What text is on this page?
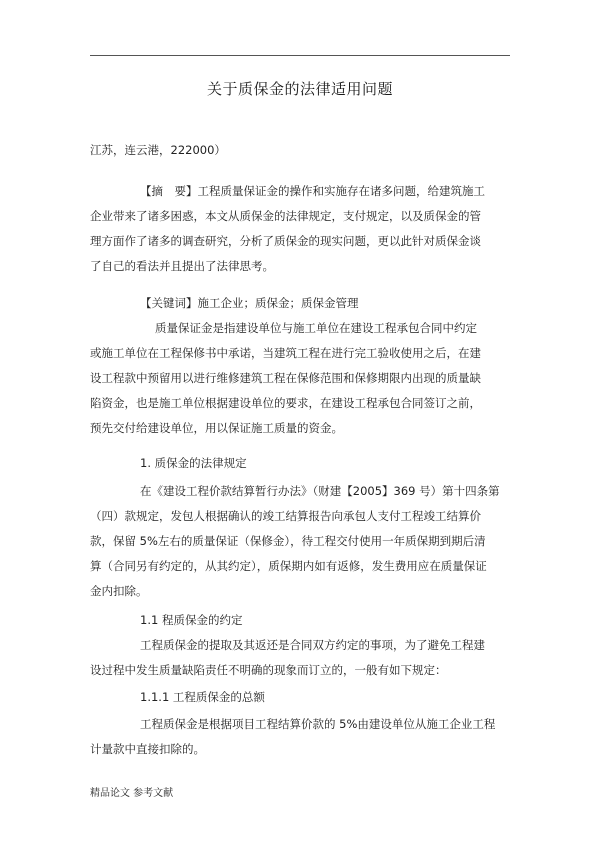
关于质保金的法律适用问题
江苏，连云港，222000）
【摘　要】工程质量保证金的操作和实施存在诸多问题，给建筑施工
企业带来了诸多困惑，本文从质保金的法律规定，支付规定，以及质保金的管
理方面作了诸多的调查研究，分析了质保金的现实问题，更以此针对质保金谈
了自己的看法并且提出了法律思考。
【关键词】施工企业；质保金；质保金管理
质量保证金是指建设单位与施工单位在建设工程承包合同中约定
或施工单位在工程保修书中承诺，当建筑工程在进行完工验收使用之后，在建
设工程款中预留用以进行维修建筑工程在保修范围和保修期限内出现的质量缺
陷资金，也是施工单位根据建设单位的要求，在建设工程承包合同签订之前，
预先交付给建设单位，用以保证施工质量的资金。
1. 质保金的法律规定
在《建设工程价款结算暂行办法》（财建【2005】369 号）第十四条第
（四）款规定，发包人根据确认的竣工结算报告向承包人支付工程竣工结算价
款，保留 5%左右的质量保证（保修金），待工程交付使用一年质保期到期后清
算（合同另有约定的，从其约定），质保期内如有返修，发生费用应在质量保证
金内扣除。
1.1 程质保金的约定
工程质保金的提取及其返还是合同双方约定的事项，为了避免工程建
设过程中发生质量缺陷责任不明确的现象而订立的，一般有如下规定：
1.1.1 工程质保金的总额
工程质保金是根据项目工程结算价款的 5%由建设单位从施工企业工程
计量款中直接扣除的。
精品论文 参考文献
